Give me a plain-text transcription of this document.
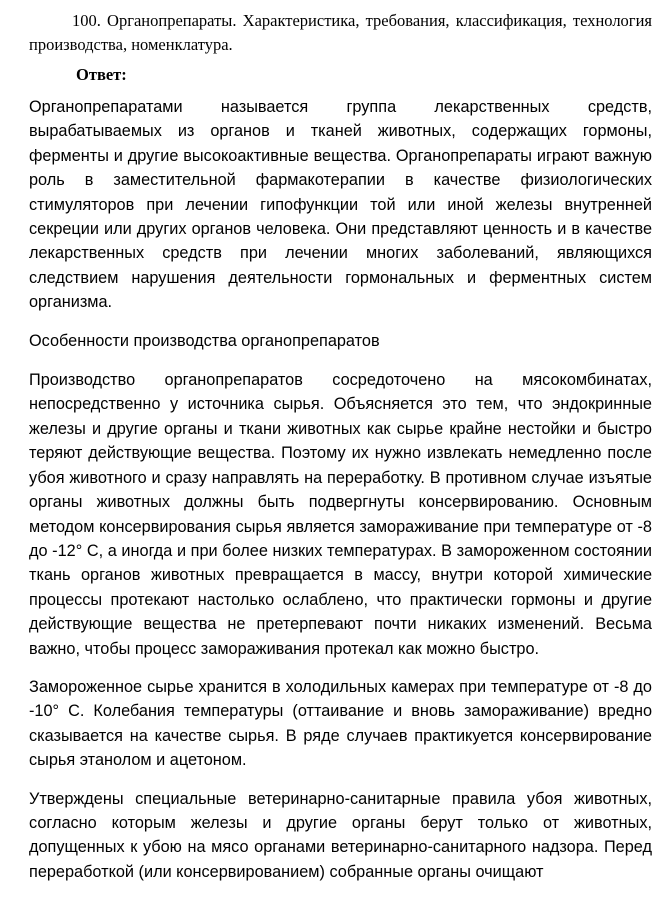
100. Органопрепараты. Характеристика, требования, классификация, технология производства, номенклатура.

Ответ:

Органопрепаратами называется группа лекарственных средств, вырабатываемых из органов и тканей животных, содержащих гормоны, ферменты и другие высокоактивные вещества. Органопрепараты играют важную роль в заместительной фармакотерапии в качестве физиологических стимуляторов при лечении гипофункции той или иной железы внутренней секреции или других органов человека. Они представляют ценность и в качестве лекарственных средств при лечении многих заболеваний, являющихся следствием нарушения деятельности гормональных и ферментных систем организма.

Особенности производства органопрепаратов

Производство органопрепаратов сосредоточено на мясокомбинатах, непосредственно у источника сырья. Объясняется это тем, что эндокринные железы и другие органы и ткани животных как сырье крайне нестойки и быстро теряют действующие вещества. Поэтому их нужно извлекать немедленно после убоя животного и сразу направлять на переработку. В противном случае изъятые органы животных должны быть подвергнуты консервированию. Основным методом консервирования сырья является замораживание при температуре от -8 до -12° С, а иногда и при более низких температурах. В замороженном состоянии ткань органов животных превращается в массу, внутри которой химические процессы протекают настолько ослаблено, что практически гормоны и другие действующие вещества не претерпевают почти никаких изменений. Весьма важно, чтобы процесс замораживания протекал как можно быстро.

Замороженное сырье хранится в холодильных камерах при температуре от -8 до -10° С. Колебания температуры (оттаивание и вновь замораживание) вредно сказывается на качестве сырья. В ряде случаев практикуется консервирование сырья этанолом и ацетоном.

Утверждены специальные ветеринарно-санитарные правила убоя животных, согласно которым железы и другие органы берут только от животных, допущенных к убою на мясо органами ветеринарно-санитарного надзора. Перед переработкой (или консервированием) собранные органы очищают
